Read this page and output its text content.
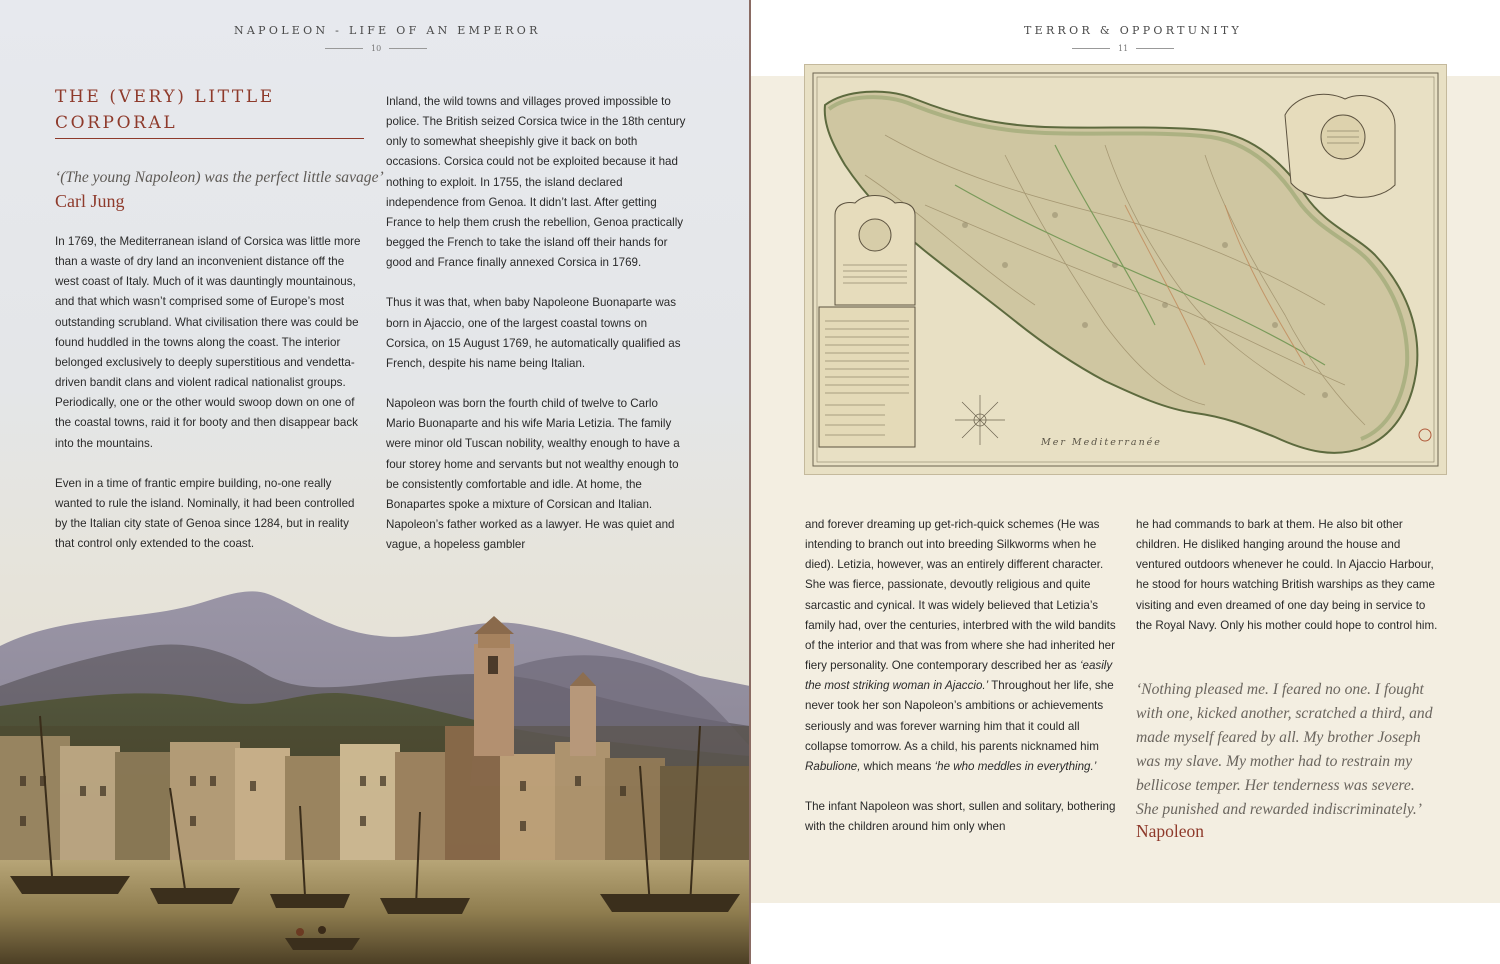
NAPOLEON - LIFE OF AN EMPEROR
10
THE (VERY) LITTLE
CORPORAL
‘(The young Napoleon) was the perfect little savage’
Carl Jung

In 1769, the Mediterranean island of Corsica was little more than a waste of dry land an inconvenient distance off the west coast of Italy. Much of it was dauntingly mountainous, and that which wasn’t comprised some of Europe’s most outstanding scrubland. What civilisation there was could be found huddled in the towns along the coast. The interior belonged exclusively to deeply superstitious and vendetta-driven bandit clans and violent radical nationalist groups. Periodically, one or the other would swoop down on one of the coastal towns, raid it for booty and then disappear back into the mountains.

Even in a time of frantic empire building, no-one really wanted to rule the island. Nominally, it had been controlled by the Italian city state of Genoa since 1284, but in reality that control only extended to the coast.

Inland, the wild towns and villages proved impossible to police. The British seized Corsica twice in the 18th century only to somewhat sheepishly give it back on both occasions. Corsica could not be exploited because it had nothing to exploit. In 1755, the island declared independence from Genoa. It didn’t last. After getting France to help them crush the rebellion, Genoa practically begged the French to take the island off their hands for good and France finally annexed Corsica in 1769.

Thus it was that, when baby Napoleone Buonaparte was born in Ajaccio, one of the largest coastal towns on Corsica, on 15 August 1769, he automatically qualified as French, despite his name being Italian.

Napoleon was born the fourth child of twelve to Carlo Mario Buonaparte and his wife Maria Letizia. The family were minor old Tuscan nobility, wealthy enough to have a four storey home and servants but not wealthy enough to be consistently comfortable and idle. At home, the Bonapartes spoke a mixture of Corsican and Italian. Napoleon’s father worked as a lawyer. He was quiet and vague, a hopeless gambler

TERROR & OPPORTUNITY
11
Mer Mediterranée

and forever dreaming up get-rich-quick schemes (He was intending to branch out into breeding Silkworms when he died). Letizia, however, was an entirely different character. She was fierce, passionate, devoutly religious and quite sarcastic and cynical. It was widely believed that Letizia’s family had, over the centuries, interbred with the wild bandits of the interior and that was from where she had inherited her fiery personality. One contemporary described her as ‘easily the most striking woman in Ajaccio.’ Throughout her life, she never took her son Napoleon’s ambitions or achievements seriously and was forever warning him that it could all collapse tomorrow. As a child, his parents nicknamed him Rabulione, which means ‘he who meddles in everything.’

The infant Napoleon was short, sullen and solitary, bothering with the children around him only when

he had commands to bark at them. He also bit other children. He disliked hanging around the house and ventured outdoors whenever he could. In Ajaccio Harbour, he stood for hours watching British warships as they came visiting and even dreamed of one day being in service to the Royal Navy. Only his mother could hope to control him.

‘Nothing pleased me. I feared no one. I fought with one, kicked another, scratched a third, and made myself feared by all. My brother Joseph was my slave. My mother had to restrain my bellicose temper. Her tenderness was severe. She punished and rewarded indiscriminately.’
Napoleon
